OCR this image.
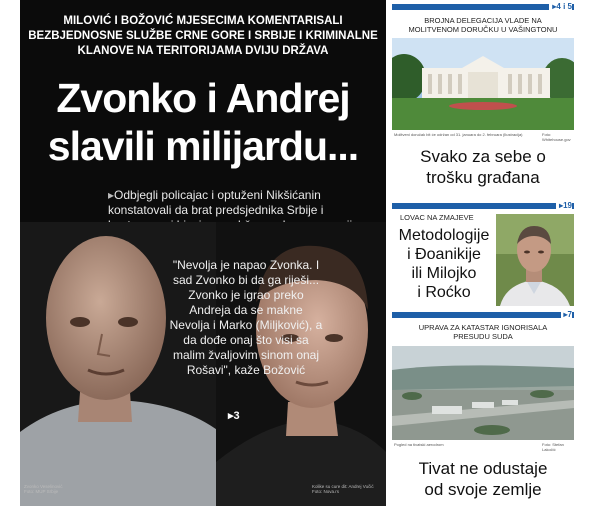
MILOVIĆ I BOŽOVIĆ MJESECIMA KOMENTARISALI BEZBJEDNOSNE SLUŽBE CRNE GORE I SRBIJE I KRIMINALNE KLANOVE NA TERITORIJAMA DVIJU DRŽAVA
Zvonko i Andrej
slavili milijardu...
▸Odbjegli policajac i optuženi Nikšićanin konstatovali da brat predsjednika Srbije i
"Nevolja je napao Zvonka. I sad Zvonko bi da ga riješi... Zvonko je igrao preko Andreja da se makne Nevolja i Marko (Miljković), a da dođe onaj što visi sa malim žvaljovim sinom onaj Rošavi", kaže Božović
▸3
Zvonko Veselinović
Foto: MUP Srbije
Kolike su cure dit: Andrej Vučić
Foto: Nova.rs
▸4 i 5
BROJNA DELEGACIJA VLADE NA MOLITVENOM DORUČKU U VAŠINGTONU
Molitveni doručak bit će održan od 31. januara do 2. februara (Ilustracija)	Foto: Whitehouse.gov
Svako za sebe o
trošku građana
▸19
LOVAC NA ZMAJEVE
Metodologije
i Đoanikije
ili Milojko
i Roćko
▸7
UPRAVA ZA KATASTAR IGNORISALA PRESUDU SUDA
Pogled na tivatski aerodrom	Foto: Stefan Lakočić
Tivat ne odustaje
od svoje zemlje
